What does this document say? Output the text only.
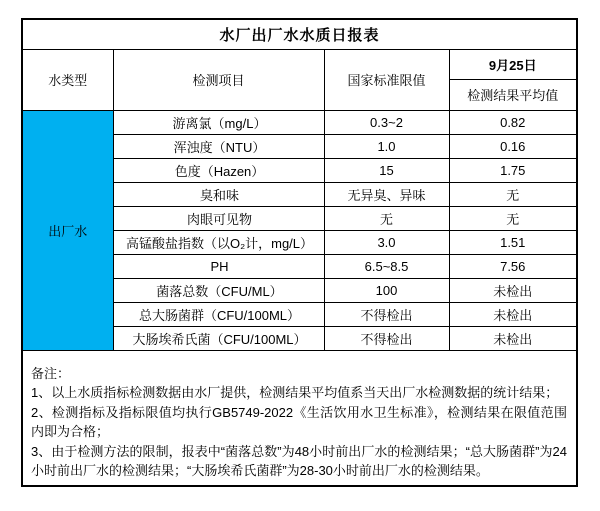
水厂出厂水水质日报表
水类型	检测项目	国家标准限值	9月25日
			检测结果平均值
出厂水	游离氯（mg/L）	0.3~2	0.82
	浑浊度（NTU）	1.0	0.16
	色度（Hazen）	15	1.75
	臭和味	无异臭、异味	无
	肉眼可见物	无	无
	高锰酸盐指数（以O₂计，mg/L）	3.0	1.51
	PH	6.5~8.5	7.56
	菌落总数（CFU/ML）	100	未检出
	总大肠菌群（CFU/100ML）	不得检出	未检出
	大肠埃希氏菌（CFU/100ML）	不得检出	未检出
备注：
1、以上水质指标检测数据由水厂提供，检测结果平均值系当天出厂水检测数据的统计结果；
2、检测指标及指标限值均执行GB5749-2022《生活饮用水卫生标准》，检测结果在限值范围内即为合格；
3、由于检测方法的限制，报表中“菌落总数”为48小时前出厂水的检测结果；“总大肠菌群”为24小时前出厂水的检测结果；“大肠埃希氏菌群”为28-30小时前出厂水的检测结果。
